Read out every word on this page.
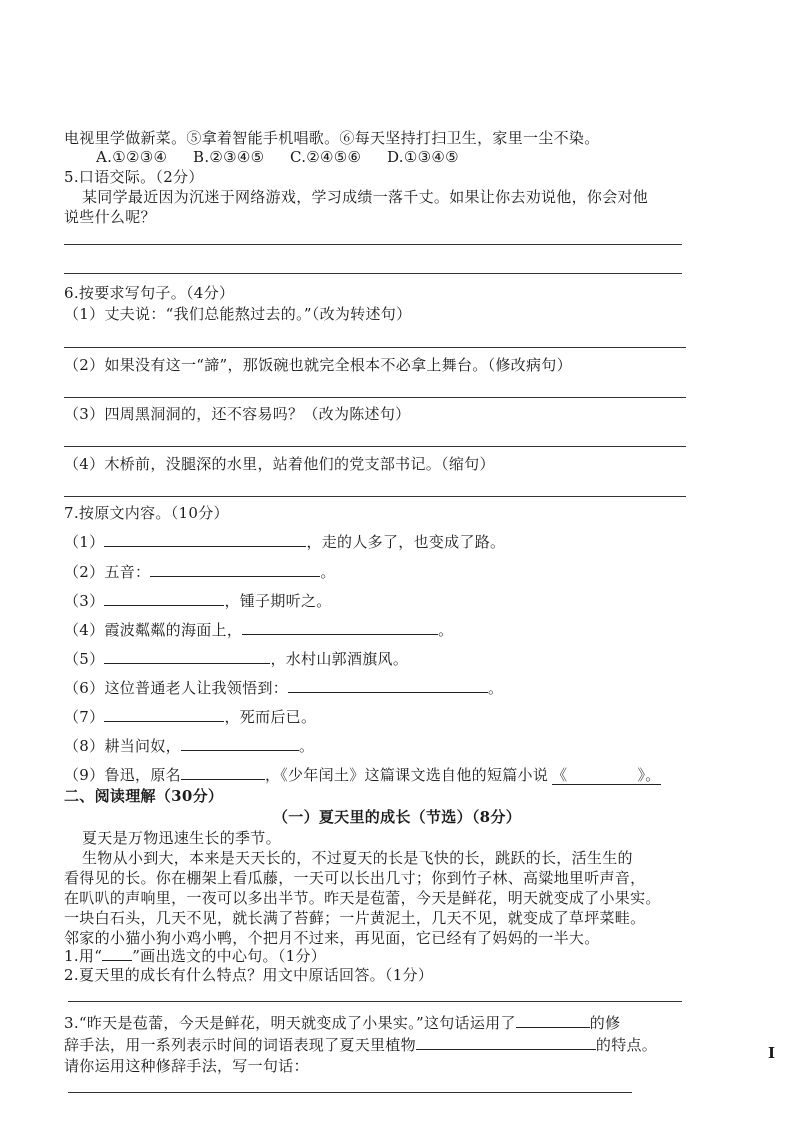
电视里学做新菜。⑤拿着智能手机唱歌。⑥每天坚持打扫卫生，家里一尘不染。
A.①②③④ B.②③④⑤ C.②④⑤⑥ D.①③④⑤
5.口语交际。（2分）
某同学最近因为沉迷于网络游戏，学习成绩一落千丈。如果让你去劝说他，你会对他
说些什么呢？
6.按要求写句子。（4分）
（1）丈夫说：“我们总能熬过去的。”（改为转述句）
（2）如果没有这一“諦”，那饭碗也就完全根本不必拿上舞台。（修改病句）
（3）四周黑洞洞的，还不容易吗？（改为陈述句）
（4）木桥前，没腿深的水里，站着他们的党支部书记。（缩句）
7.按原文内容。（10分）
（1）	，走的人多了，也变成了路。
（2）五音：	。
（3）	，锺子期听之。
（4）霞波粼粼的海面上，	。
（5）	，水村山郭酒旗风。
（6）这位普通老人让我领悟到：	。
（7）	，死而后已。
（8）耕当问奴，	。
（9）鲁迅，原名	，《少年闰土》这篇课文选自他的短篇小说 《	》。
二、阅读理解（30分）
（一）夏天里的成长（节选）（8分）
夏天是万物迅速生长的季节。
生物从小到大，本来是天天长的，不过夏天的长是飞快的长，跳跃的长，活生生的
看得见的长。你在棚架上看瓜藤，一天可以长出几寸；你到竹子林、高粱地里听声音，
在叭叭的声响里，一夜可以多出半节。昨天是苞蕾，今天是鲜花，明天就变成了小果实。
一块白石头，几天不见，就长满了苔藓；一片黄泥土，几天不见，就变成了草坪菜畦。
邻家的小猫小狗小鸡小鸭，个把月不过来，再见面，它已经有了妈妈的一半大。
1.用“ ”画出选文的中心句。（1分）
2.夏天里的成长有什么特点？用文中原话回答。（1分）
3.“昨天是苞蕾，今天是鲜花，明天就变成了小果实。”这句话运用了	的修
辞手法，用一系列表示时间的词语表现了夏天里植物	的特点。
请你运用这种修辞手法，写一句话：
I
